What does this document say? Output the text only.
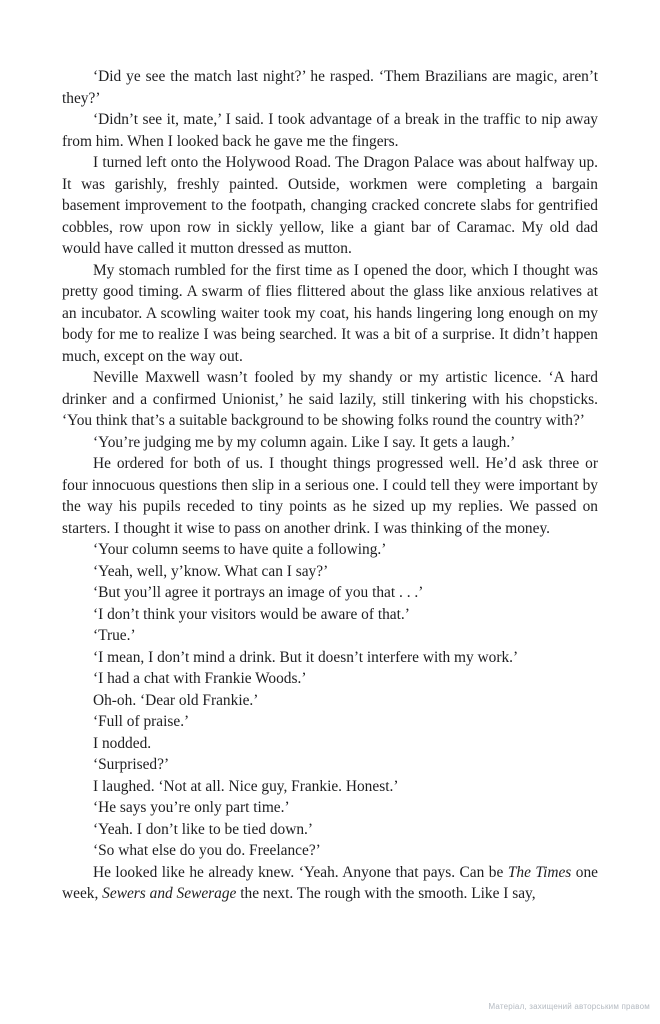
‘Did ye see the match last night?’ he rasped. ‘Them Brazilians are magic, aren’t they?’

‘Didn’t see it, mate,’ I said. I took advantage of a break in the traffic to nip away from him. When I looked back he gave me the fingers.

I turned left onto the Holywood Road. The Dragon Palace was about halfway up. It was garishly, freshly painted. Outside, workmen were completing a bargain basement improvement to the footpath, changing cracked concrete slabs for gentrified cobbles, row upon row in sickly yellow, like a giant bar of Caramac. My old dad would have called it mutton dressed as mutton.

My stomach rumbled for the first time as I opened the door, which I thought was pretty good timing. A swarm of flies flittered about the glass like anxious relatives at an incubator. A scowling waiter took my coat, his hands lingering long enough on my body for me to realize I was being searched. It was a bit of a surprise. It didn’t happen much, except on the way out.

Neville Maxwell wasn’t fooled by my shandy or my artistic licence. ‘A hard drinker and a confirmed Unionist,’ he said lazily, still tinkering with his chopsticks. ‘You think that’s a suitable background to be showing folks round the country with?’

‘You’re judging me by my column again. Like I say. It gets a laugh.’

He ordered for both of us. I thought things progressed well. He’d ask three or four innocuous questions then slip in a serious one. I could tell they were important by the way his pupils receded to tiny points as he sized up my replies. We passed on starters. I thought it wise to pass on another drink. I was thinking of the money.

‘Your column seems to have quite a following.’

‘Yeah, well, y’know. What can I say?’

‘But you’ll agree it portrays an image of you that . . .’

‘I don’t think your visitors would be aware of that.’

‘True.’

‘I mean, I don’t mind a drink. But it doesn’t interfere with my work.’

‘I had a chat with Frankie Woods.’

Oh-oh. ‘Dear old Frankie.’

‘Full of praise.’

I nodded.

‘Surprised?’

I laughed. ‘Not at all. Nice guy, Frankie. Honest.’

‘He says you’re only part time.’

‘Yeah. I don’t like to be tied down.’

‘So what else do you do. Freelance?’

He looked like he already knew. ‘Yeah. Anyone that pays. Can be The Times one week, Sewers and Sewerage the next. The rough with the smooth. Like I say,

Матеріал, захищений авторським правом
